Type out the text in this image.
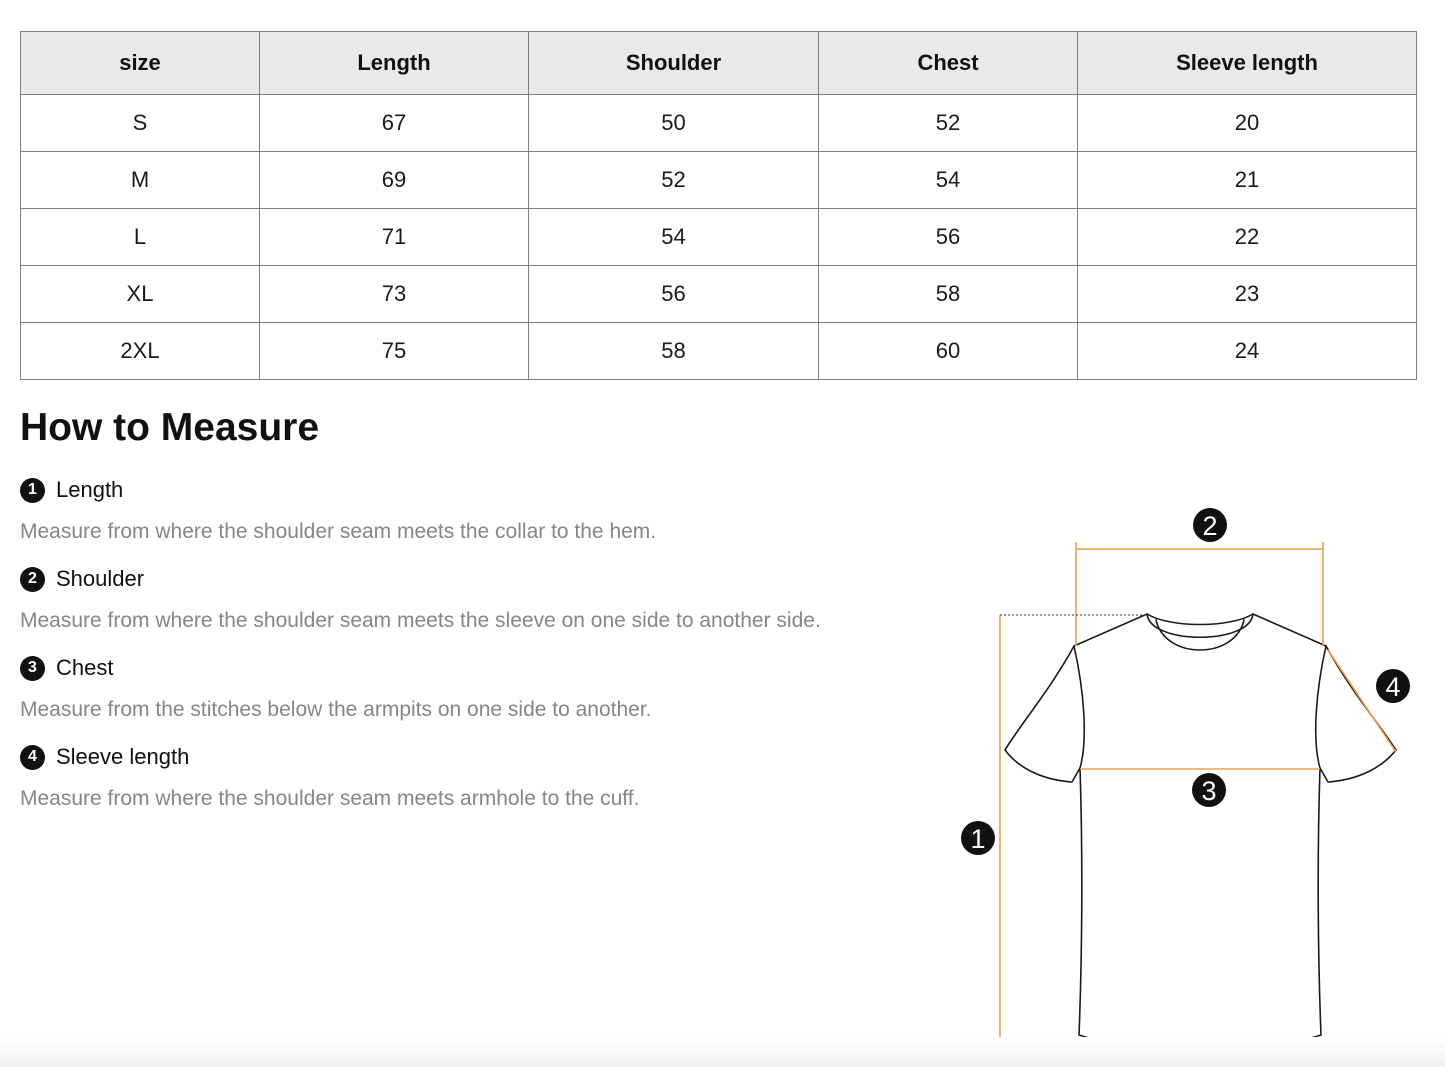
size	Length	Shoulder	Chest	Sleeve length
S	67	50	52	20
M	69	52	54	21
L	71	54	56	22
XL	73	56	58	23
2XL	75	58	60	24
How to Measure
1 Length
Measure from where the shoulder seam meets the collar to the hem.
2 Shoulder
Measure from where the shoulder seam meets the sleeve on one side to another side.
3 Chest
Measure from the stitches below the armpits on one side to another.
4 Sleeve length
Measure from where the shoulder seam meets armhole to the cuff.
1
2
3
4
